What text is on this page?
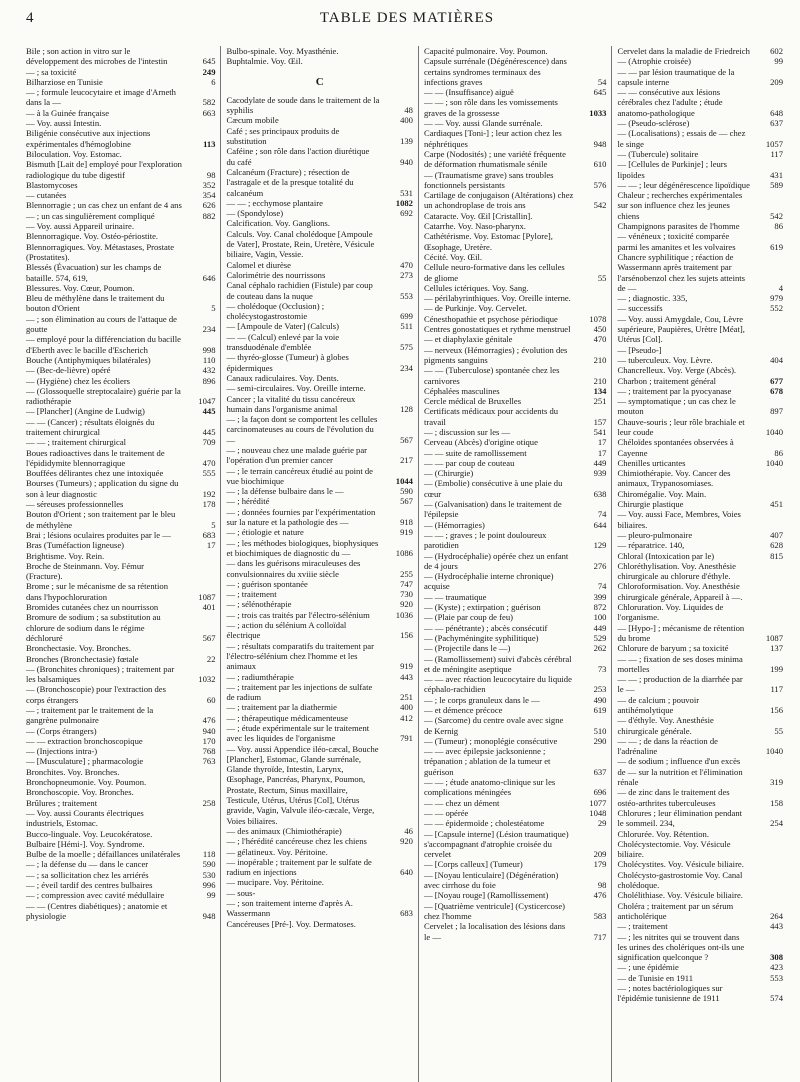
4	TABLE DES MATIÈRES
Bile ; son action in vitro sur le développement des microbes de l'intestin	645
— ; sa toxicité	249
Bilharziose en Tunisie	6
— ; formule leucocytaire et image d'Arneth dans la —	582
— à la Guinée française	663
— Voy. aussi Intestin.
Biligénie consécutive aux injections expérimentales d'hémoglobine	113
Biloculation. Voy. Estomac.
Bismuth [Lait de] employé pour l'exploration radiologique du tube digestif	98
Blastomycoses	352
— cutanées	354
Blennorragie ; un cas chez un enfant de 4 ans	626
— ; un cas singulièrement compliqué	882
— Voy. aussi Appareil urinaire.
Blennorragique. Voy. Ostéo-périostite.
Blennorragiques. Voy. Métastases, Prostate (Prostatites).
Blessés (Évacuation) sur les champs de bataille. 574, 619,	646
Blessures. Voy. Cœur, Poumon.
Bleu de méthylène dans le traitement du bouton d'Orient	5
— ; son élimination au cours de l'attaque de goutte	234
— employé pour la différenciation du bacille d'Eberth avec le bacille d'Escherich	998
Bouche (Antiphymiques bilatérales)	110
— (Bec-de-lièvre) opéré	432
— (Hygiène) chez les écoliers	896
— (Glossoquelle streptocalaire) guérie par la radiothérapie	1047
— [Plancher] (Angine de Ludwig)	445
— — (Cancer) ; résultats éloignés du traitement chirurgical	445
— — ; traitement chirurgical	709
Boues radioactives dans le traitement de l'épididymite blennorragique	470
Bouffées délirantes chez une intoxiquée	555
Bourses (Tumeurs) ; application du signe du son à leur diagnostic	192
— séreuses professionnelles	178
Bouton d'Orient ; son traitement par le bleu de méthylène	5
Brai ; lésions oculaires produites par le —	683
Bras (Tuméfaction ligneuse)	17
Brightisme. Voy. Rein.
Broche de Steinmann. Voy. Fémur (Fracture).
Brome ; sur le mécanisme de sa rétention dans l'hypochloruration	1087
Bromides cutanées chez un nourrisson	401
Bromure de sodium ; sa substitution au chlorure de sodium dans le régime déchloruré	567
Bronchectasie. Voy. Bronches.
Bronches (Bronchectasie) fœtale	22
— (Bronchites chroniques) ; traitement par les balsamiques	1032
— (Bronchoscopie) pour l'extraction des corps étrangers	60
— ; traitement par le traitement de la gangrène pulmonaire	476
— (Corps étrangers)	940
— — extraction bronchoscopique	170
— (Injections intra-)	768
— [Musculature] ; pharmacologie	763
Bronchites. Voy. Bronches.
Bronchopneumonie. Voy. Poumon.
Bronchoscopie. Voy. Bronches.
Brûlures ; traitement	258
— Voy. aussi Courants électriques industriels, Estomac.
Bucco-linguale. Voy. Leucokératose.
Bulbaire [Hémi-]. Voy. Syndrome.
Bulbe de la moelle ; défaillances unilatérales	118
— ; la défense du — dans le cancer	590
— ; sa sollicitation chez les arriérés	530
— ; éveil tardif des centres bulbaires	996
— ; compression avec cavité médullaire	99
— — (Centres diabétiques) ; anatomie et physiologie	948
Bulbo-spinale. Voy. Myasthénie.
Buphtalmie. Voy. Œil.
C
Cacodylate de soude dans le traitement de la syphilis	48
Cæcum mobile	400
Café ; ses principaux produits de substitution	139
Caféine ; son rôle dans l'action diurétique du café	940
Calcanéum (Fracture) ; résection de l'astragale et de la presque totalité du calcanéum	531
— — ; ecchymose plantaire	1082
— (Spondylose)	692
Calcification. Voy. Ganglions.
Calculs. Voy. Canal cholédoque [Ampoule de Vater], Prostate, Rein, Uretère, Vésicule biliaire, Vagin, Vessie.
Calomel et diurèse	470
Calorimétrie des nourrissons	273
Canal céphalo rachidien (Fistule) par coup de couteau dans la nuque	553
— cholédoque (Occlusion) ; cholécystogastrostomie	699
— [Ampoule de Vater] (Calculs)	511
— — (Calcul) enlevé par la voie transduodénale d'emblée	575
— thyréo-glosse (Tumeur) à globes épidermiques	234
Canaux radiculaires. Voy. Dents.
— semi-circulaires. Voy. Oreille interne.
Cancer ; la vitalité du tissu cancéreux humain dans l'organisme animal	128
— ; la façon dont se comportent les cellules carcinomateuses au cours de l'évolution du —	567
— ; nouveau chez une malade guérie par l'opération d'un premier cancer	217
— ; le terrain cancéreux étudié au point de vue biochimique	1044
— ; la défense bulbaire dans le —	590
— ; hérédité	567
— ; données fournies par l'expérimentation sur la nature et la pathologie des —	918
— ; étiologie et nature	919
— ; les méthodes biologiques, biophysiques et biochimiques de diagnostic du —	1086
— dans les guérisons miraculeuses des convulsionnaires du xviiie siècle	255
— ; guérison spontanée	747
— ; traitement	730
— ; sélénothérapie	920
— ; trois cas traités par l'électro-sélénium	1036
— ; action du sélénium A colloïdal électrique	156
— ; résultats comparatifs du traitement par l'électro-sélénium chez l'homme et les animaux	919
— ; radiumthérapie	443
— ; traitement par les injections de sulfate de radium	251
— ; traitement par la diathermie	400
— ; thérapeutique médicamenteuse	412
— ; étude expérimentale sur le traitement avec les liquides de l'organisme	791
— Voy. aussi Appendice iléo-cæcal, Bouche [Plancher], Estomac, Glande surrénale, Glande thyroïde, Intestin, Larynx, Œsophage, Pancréas, Pharynx, Poumon, Prostate, Rectum, Sinus maxillaire, Testicule, Utérus, Utérus [Col], Utérus gravide, Vagin, Valvule iléo-cæcale, Verge, Voies biliaires.
— des animaux (Chimiothérapie)	46
— ; l'hérédité cancéreuse chez les chiens	920
— gélatineux. Voy. Péritoine.
— inopérable ; traitement par le sulfate de radium en injections	640
— mucipare. Voy. Péritoine.
— sous-
— ; son traitement interne d'après A. Wassermann	683
Cancéreuses [Pré-]. Voy. Dermatoses.
Capacité pulmonaire. Voy. Poumon.
Capsule surrénale (Dégénérescence) dans certains syndromes terminaux des infections graves	54
— — (Insuffisance) aiguë	645
— — ; son rôle dans les vomissements graves de la grossesse	1033
— — Voy. aussi Glande surrénale.
Cardiaques [Toni-] ; leur action chez les néphrétiques	948
Carpe (Nodosités) ; une variété fréquente de déformation rhumatismale sénile	610
— (Traumatisme grave) sans troubles fonctionnels persistants	576
Cartilage de conjugaison (Altérations) chez un achondroplase de trois ans	542
Cataracte. Voy. Œil [Cristallin].
Catarrhe. Voy. Naso-pharynx.
Cathétérisme. Voy. Estomac [Pylore], Œsophage, Uretère.
Cécité. Voy. Œil.
Cellule neuro-formative dans les cellules de gliome	55
Cellules ictériques. Voy. Sang.
— périlabyrinthiques. Voy. Oreille interne.
— de Purkinje. Voy. Cervelet.
Cénesthopathie et psychose périodique	1078
Centres gonostatiques et rythme menstruel	450
— et diaphylaxie génitale	470
— nerveux (Hémorragies) ; évolution des pigments sanguins	210
— — (Tuberculose) spontanée chez les carnivores	210
Céphalées masculines	134
Cercle médical de Bruxelles	251
Certificats médicaux pour accidents du travail	157
— ; discussion sur les —	541
Cerveau (Abcès) d'origine otique	17
— — suite de ramollissement	17
— — par coup de couteau	449
— (Chirurgie)	939
— (Embolie) consécutive à une plaie du cœur	638
— (Galvanisation) dans le traitement de l'épilepsie	74
— (Hémorragies)	644
— — ; graves ; le point douloureux parotidien	129
— (Hydrocéphalie) opérée chez un enfant de 4 jours	276
— (Hydrocéphalie interne chronique) acquise	74
— — traumatique	399
— (Kyste) ; extirpation ; guérison	872
— (Plaie par coup de feu)	100
— — pénétrante) ; abcès consécutif	449
— (Pachyméningite syphilitique)	529
— (Projectile dans le —)	262
— (Ramollissement) suivi d'abcès cérébral et de méningite aseptique	73
— — avec réaction leucocytaire du liquide céphalo-rachidien	253
— ; le corps granuleux dans le —	490
— et démence précoce	619
— (Sarcome) du centre ovale avec signe de Kernig	510
— (Tumeur) ; monoplégie consécutive	290
— — avec épilepsie jacksonienne ; trépanation ; ablation de la tumeur et guérison	637
— — ; étude anatomo-clinique sur les complications méningées	696
— — chez un dément	1077
— — opérée	1048
— — épidermoïde ; cholestéatome	29
— [Capsule interne] (Lésion traumatique) s'accompagnant d'atrophie croisée du cervelet	209
— [Corps calleux] (Tumeur)	179
— [Noyau lenticulaire] (Dégénération) avec cirrhose du foie	98
— [Noyau rouge] (Ramollissement)	476
— [Quatrième ventricule] (Cysticercose) chez l'homme	583
Cervelet ; la localisation des lésions dans le —	717
Cervelet dans la maladie de Friedreich	602
— (Atrophie croisée)	99
— — par lésion traumatique de la capsule interne	209
— — consécutive aux lésions cérébrales chez l'adulte ; étude anatomo-pathologique	648
— (Pseudo-sclérose)	637
— (Localisations) ; essais de — chez le singe	1057
— (Tubercule) solitaire	117
— [Cellules de Purkinje] ; leurs lipoïdes	431
— — ; leur dégénérescence lipoïdique	589
Chaleur ; recherches expérimentales sur son influence chez les jeunes chiens	542
Champignons parasites de l'homme	86
— vénéneux ; toxicité comparée parmi les amanites et les volvaires	619
Chancre syphilitique ; réaction de Wassermann après traitement par l'arsénobenzol chez les sujets atteints de —	4
— ; diagnostic. 335,	979
— successifs	552
— Voy. aussi Amygdale, Cou, Lèvre supérieure, Paupières, Urètre [Méat], Utérus [Col].
— [Pseudo-]
— tuberculeux. Voy. Lèvre.	404
Chancrelleux. Voy. Verge (Abcès).
Charbon ; traitement général	677
— ; traitement par la pyocyanase	678
— symptomatique ; un cas chez le mouton	897
Chauve-souris ; leur rôle brachiale et leur coude	1040
Chéloïdes spontanées observées à Cayenne	86
Chenilles urticantes	1040
Chimiothérapie. Voy. Cancer des animaux, Trypanosomiases.
Chiromégalie. Voy. Main.
Chirurgie plastique	451
— Voy. aussi Face, Membres, Voies biliaires.
— pleuro-pulmonaire	407
— réparatrice. 140,	628
Chloral (Intoxication par le)	815
Chloréthylisation. Voy. Anesthésie chirurgicale au chlorure d'éthyle.
Chloroformisation. Voy. Anesthésie chirurgicale générale, Appareil à —.
Chloruration. Voy. Liquides de l'organisme.
— [Hypo-] ; mécanisme de rétention du brome	1087
Chlorure de baryum ; sa toxicité	137
— — ; fixation de ses doses minima mortelles	199
— — ; production de la diarrhée par le —	117
— de calcium ; pouvoir antihémolytique	156
— d'éthyle. Voy. Anesthésie chirurgicale générale.	55
— — ; de dans la réaction de l'adrénaline	1040
— de sodium ; influence d'un excès de — sur la nutrition et l'élimination rénale	319
— de zinc dans le traitement des ostéo-arthrites tuberculeuses	158
Chlorures ; leur élimination pendant le sommeil. 234,	254
Chlorurée. Voy. Rétention.
Cholécystectomie. Voy. Vésicule biliaire.
Cholécystites. Voy. Vésicule biliaire.
Cholécysto-gastrostomie Voy. Canal cholédoque.
Cholélithiase. Voy. Vésicule biliaire.
Choléra ; traitement par un sérum anticholérique	264
— ; traitement	443
— ; les nitrites qui se trouvent dans les urines des cholériques ont-ils une signification quelconque ?	308
— ; une épidémie	423
— de Tunisie en 1911	553
— ; notes bactériologiques sur l'épidémie tunisienne de 1911	574
